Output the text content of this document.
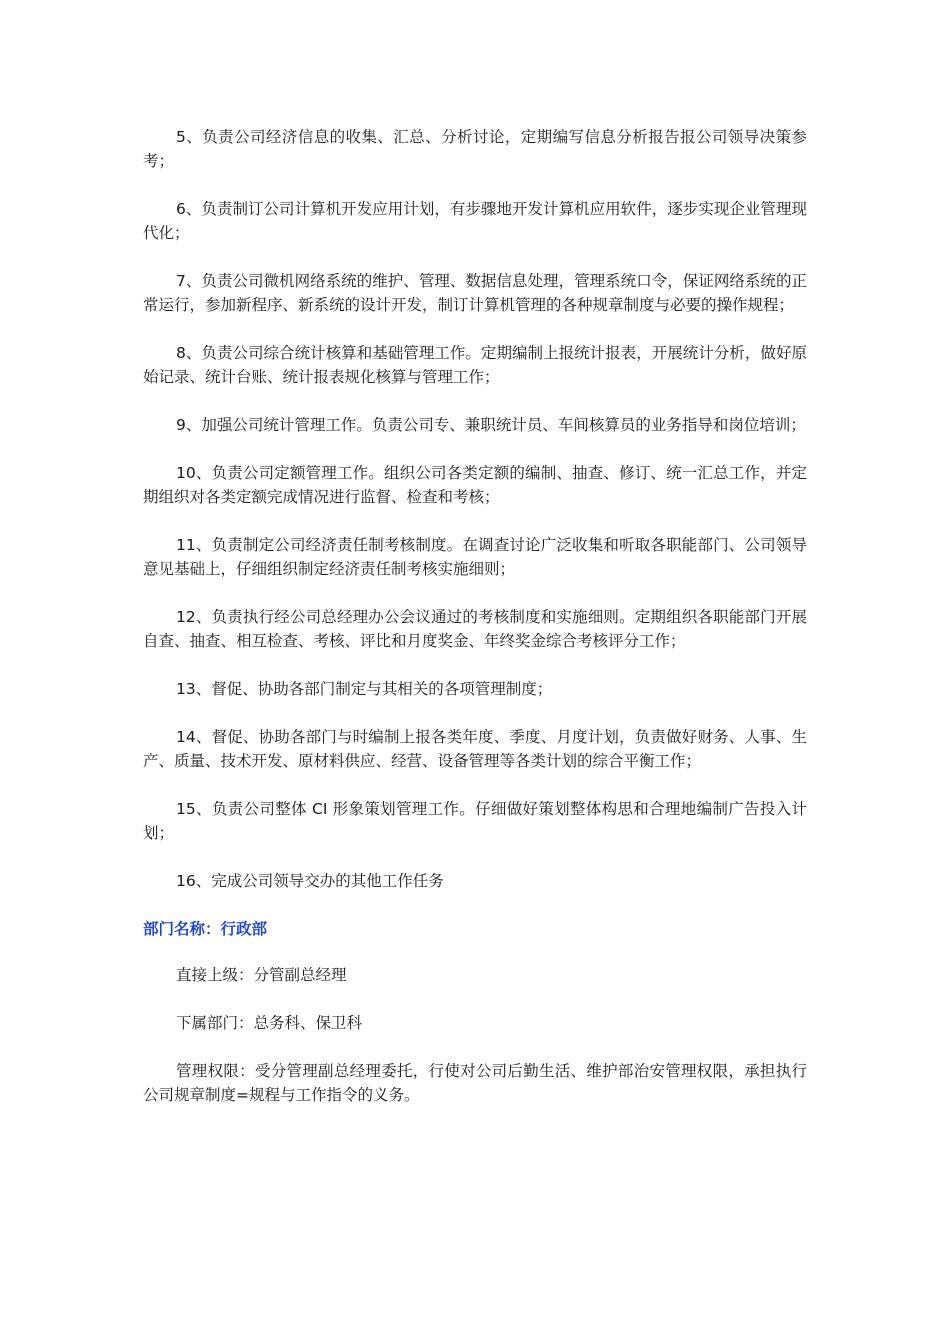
5、负责公司经济信息的收集、汇总、分析讨论，定期编写信息分析报告报公司领导决策参考；

6、负责制订公司计算机开发应用计划，有步骤地开发计算机应用软件，逐步实现企业管理现代化；

7、负责公司微机网络系统的维护、管理、数据信息处理，管理系统口令，保证网络系统的正常运行，参加新程序、新系统的设计开发，制订计算机管理的各种规章制度与必要的操作规程；

8、负责公司综合统计核算和基础管理工作。定期编制上报统计报表，开展统计分析，做好原始记录、统计台账、统计报表规化核算与管理工作；

9、加强公司统计管理工作。负责公司专、兼职统计员、车间核算员的业务指导和岗位培训；

10、负责公司定额管理工作。组织公司各类定额的编制、抽查、修订、统一汇总工作，并定期组织对各类定额完成情况进行监督、检查和考核；

11、负责制定公司经济责任制考核制度。在调查讨论广泛收集和听取各职能部门、公司领导意见基础上，仔细组织制定经济责任制考核实施细则；

12、负责执行经公司总经理办公会议通过的考核制度和实施细则。定期组织各职能部门开展自查、抽查、相互检查、考核、评比和月度奖金、年终奖金综合考核评分工作；

13、督促、协助各部门制定与其相关的各项管理制度；

14、督促、协助各部门与时编制上报各类年度、季度、月度计划，负责做好财务、人事、生产、质量、技术开发、原材料供应、经营、设备管理等各类计划的综合平衡工作；

15、负责公司整体 CI 形象策划管理工作。仔细做好策划整体构思和合理地编制广告投入计划；

16、完成公司领导交办的其他工作任务

部门名称：行政部

直接上级：分管副总经理

下属部门：总务科、保卫科

管理权限：受分管理副总经理委托，行使对公司后勤生活、维护部治安管理权限，承担执行公司规章制度=规程与工作指令的义务。
